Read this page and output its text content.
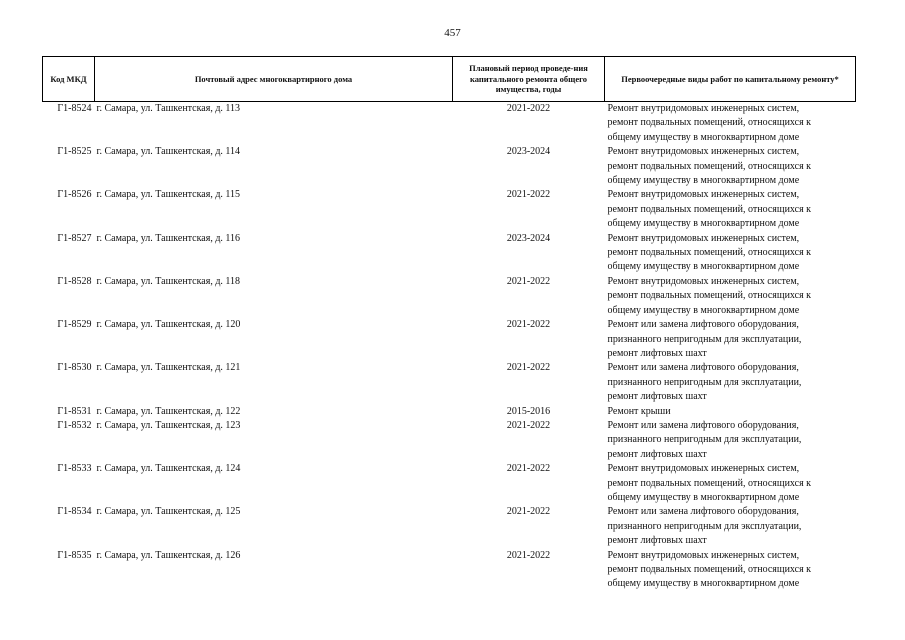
457
Код МКД	Почтовый адрес многоквартирного дома	Плановый период проведе-ния капитального ремонта общего имущества, годы	Первоочередные виды работ по капитальному ремонту*
Г1-8524	г. Самара, ул. Ташкентская, д. 113	2021-2022	Ремонт внутридомовых инженерных систем,
ремонт подвальных помещений, относящихся к
общему имуществу в многоквартирном доме

Г1-8525	г. Самара, ул. Ташкентская, д. 114	2023-2024	Ремонт внутридомовых инженерных систем,
ремонт подвальных помещений, относящихся к
общему имуществу в многоквартирном доме

Г1-8526	г. Самара, ул. Ташкентская, д. 115	2021-2022	Ремонт внутридомовых инженерных систем,
ремонт подвальных помещений, относящихся к
общему имуществу в многоквартирном доме

Г1-8527	г. Самара, ул. Ташкентская, д. 116	2023-2024	Ремонт внутридомовых инженерных систем,
ремонт подвальных помещений, относящихся к
общему имуществу в многоквартирном доме

Г1-8528	г. Самара, ул. Ташкентская, д. 118	2021-2022	Ремонт внутридомовых инженерных систем,
ремонт подвальных помещений, относящихся к
общему имуществу в многоквартирном доме

Г1-8529	г. Самара, ул. Ташкентская, д. 120	2021-2022	Ремонт или замена лифтового оборудования,
признанного непригодным для эксплуатации,
ремонт лифтовых шахт

Г1-8530	г. Самара, ул. Ташкентская, д. 121	2021-2022	Ремонт или замена лифтового оборудования,
признанного непригодным для эксплуатации,
ремонт лифтовых шахт

Г1-8531	г. Самара, ул. Ташкентская, д. 122	2015-2016	Ремонт крыши

Г1-8532	г. Самара, ул. Ташкентская, д. 123	2021-2022	Ремонт или замена лифтового оборудования,
признанного непригодным для эксплуатации,
ремонт лифтовых шахт

Г1-8533	г. Самара, ул. Ташкентская, д. 124	2021-2022	Ремонт внутридомовых инженерных систем,
ремонт подвальных помещений, относящихся к
общему имуществу в многоквартирном доме

Г1-8534	г. Самара, ул. Ташкентская, д. 125	2021-2022	Ремонт или замена лифтового оборудования,
признанного непригодным для эксплуатации,
ремонт лифтовых шахт

Г1-8535	г. Самара, ул. Ташкентская, д. 126	2021-2022	Ремонт внутридомовых инженерных систем,
ремонт подвальных помещений, относящихся к
общему имуществу в многоквартирном доме
